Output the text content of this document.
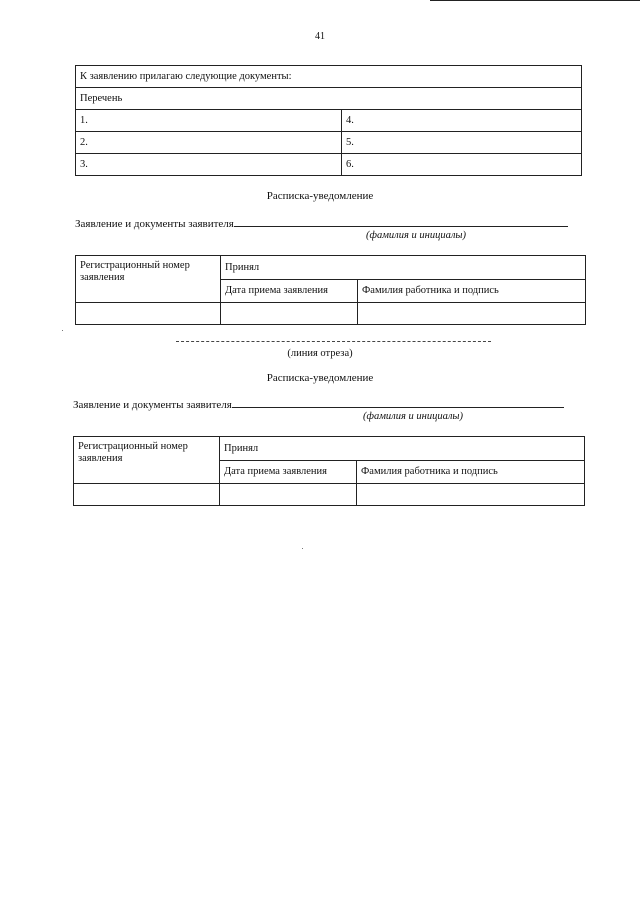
41
К заявлению прилагаю следующие документы:	
Перечень	
1.	4.
2.	5.
3.	6.
Расписка-уведомление
Заявление и документы заявителя
(фамилия и инициалы)
Регистрационный номер заявления	Принял	
	Дата приема заявления	Фамилия работника и подпись

(линия отреза)
Расписка-уведомление
Заявление и документы заявителя
(фамилия и инициалы)
Регистрационный номер заявления	Принял	
	Дата приема заявления	Фамилия работника и подпись
